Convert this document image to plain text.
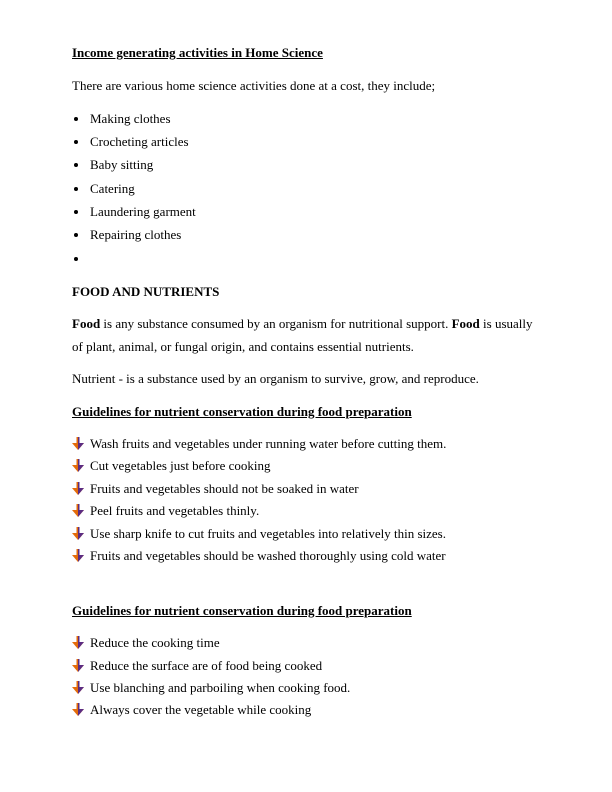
Income generating activities in Home Science
There are various home science activities done at a cost, they include;
Making clothes
Crocheting articles
Baby sitting
Catering
Laundering garment
Repairing clothes
FOOD AND NUTRIENTS
Food is any substance consumed by an organism for nutritional support. Food is usually of plant, animal, or fungal origin, and contains essential nutrients.
Nutrient - is a substance used by an organism to survive, grow, and reproduce.
Guidelines for nutrient conservation during food preparation
Wash fruits and vegetables under running water before cutting them.
Cut vegetables just before cooking
Fruits and vegetables should not be soaked in water
Peel fruits and vegetables thinly.
Use sharp knife to cut fruits and vegetables into relatively thin sizes.
Fruits and vegetables should be washed thoroughly using cold water
Guidelines for nutrient conservation during food preparation
Reduce the cooking time
Reduce the surface are of food being cooked
Use blanching and parboiling when cooking food.
Always cover the vegetable while cooking
